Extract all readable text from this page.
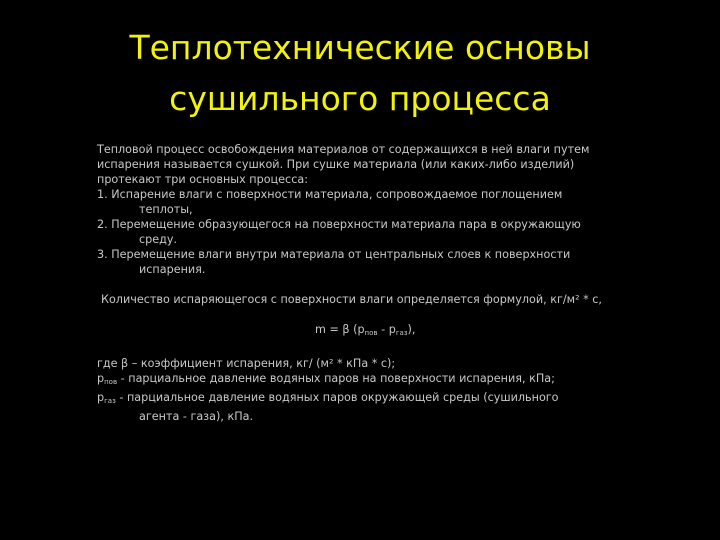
Теплотехнические основы
сушильного процесса
Тепловой процесс освобождения материалов от содержащихся в ней влаги путем
испарения называется сушкой. При сушке материала (или каких-либо изделий)
протекают три основных процесса:
1. Испарение влаги с поверхности материала, сопровождаемое поглощением
теплоты,
2. Перемещение образующегося на поверхности материала пара в окружающую
среду.
3. Перемещение влаги внутри материала от центральных слоев к поверхности
испарения.
Количество испаряющегося с поверхности влаги определяется формулой, кг/м² * с,
m = β $(p_{пов} - p_{газ})$,
где β – коэффициент испарения, кг/ (м² * кПа * с);
$p_{пов}$ - парциальное давление водяных паров на поверхности испарения, кПа;
$p_{газ}$ - парциальное давление водяных паров окружающей среды (сушильного
агента - газа), кПа.
